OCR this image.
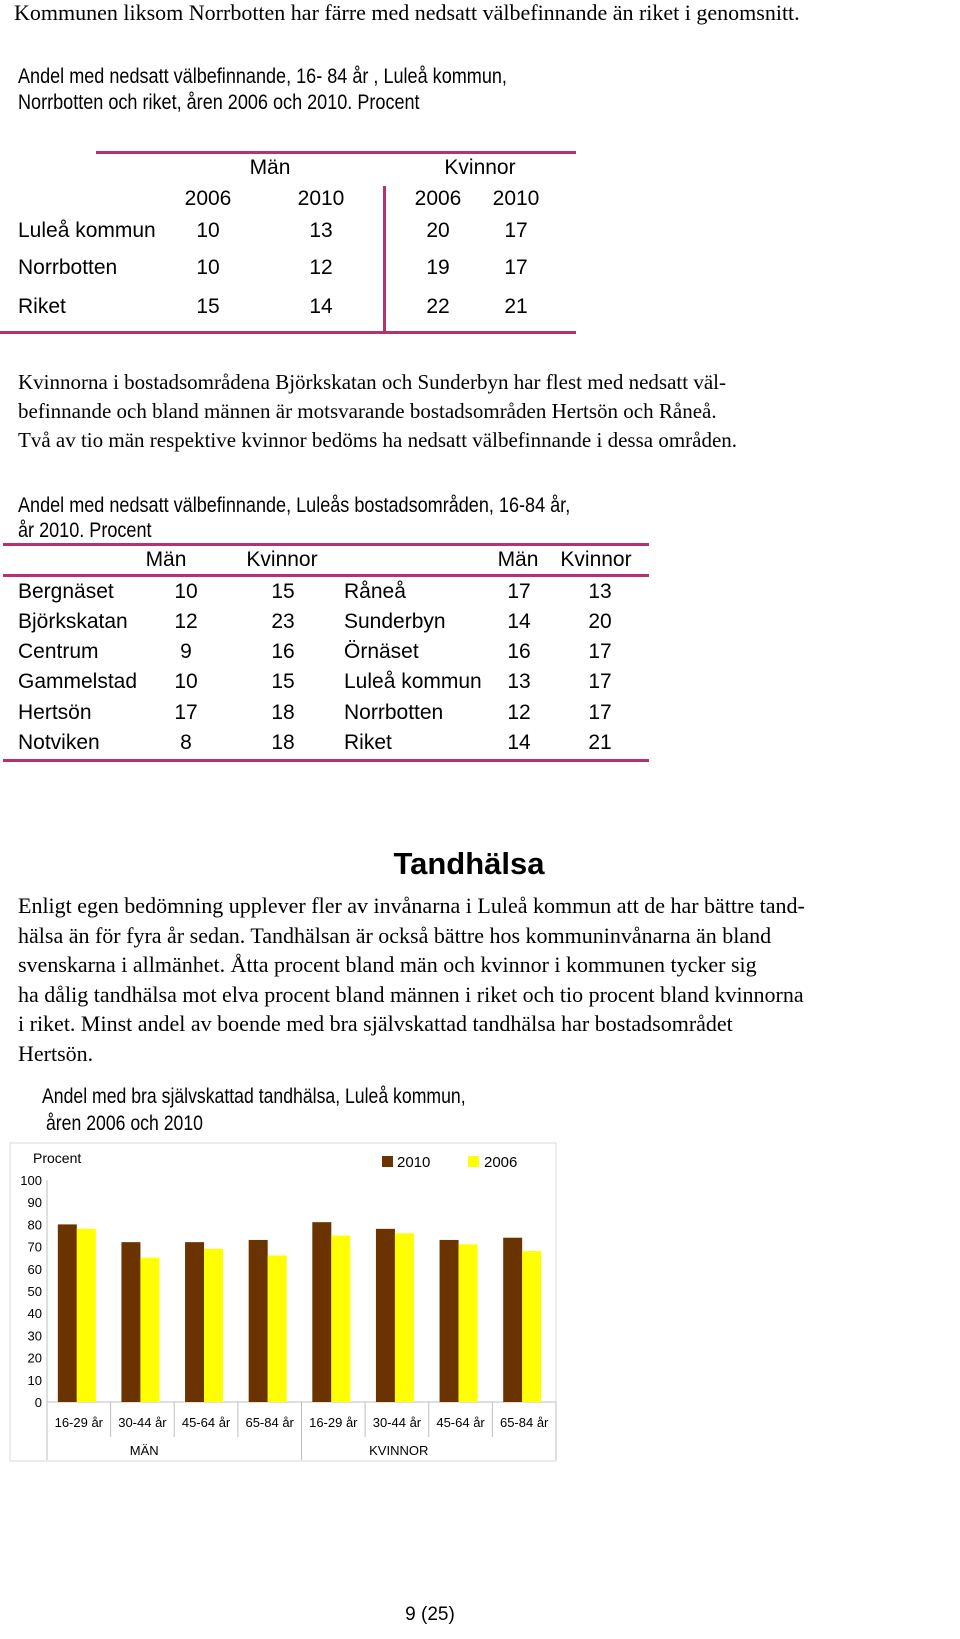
Kommunen liksom Norrbotten har färre med nedsatt välbefinnande än riket i genomsnitt.
Andel med nedsatt välbefinnande, 16- 84 år , Luleå kommun,
Norrbotten och riket, åren 2006 och 2010. Procent
Män	Kvinnor
2006	2010	2006	2010
Luleå kommun	10	13	20	17
Norrbotten	10	12	19	17
Riket	15	14	22	21
Kvinnorna i bostadsområdena Björkskatan och Sunderbyn har flest med nedsatt väl-
befinnande och bland männen är motsvarande bostadsområden Hertsön och Råneå.
Två av tio män respektive kvinnor bedöms ha nedsatt välbefinnande i dessa områden.
Andel med nedsatt välbefinnande, Luleås bostadsområden, 16-84 år,
år 2010. Procent
Män	Kvinnor	Män	Kvinnor
Bergnäset	10	15	Råneå	17	13
Björkskatan	12	23	Sunderbyn	14	20
Centrum	9	16	Örnäset	16	17
Gammelstad	10	15	Luleå kommun	13	17
Hertsön	17	18	Norrbotten	12	17
Notviken	8	18	Riket	14	21
Tandhälsa
Enligt egen bedömning upplever fler av invånarna i Luleå kommun att de har bättre tand-
hälsa än för fyra år sedan. Tandhälsan är också bättre hos kommuninvånarna än bland
svenskarna i allmänhet. Åtta procent bland män och kvinnor i kommunen tycker sig
ha dålig tandhälsa mot elva procent bland männen i riket och tio procent bland kvinnorna
i riket. Minst andel av boende med bra självskattad tandhälsa har bostadsområdet
Hertsön.
Andel med bra självskattad tandhälsa, Luleå kommun,
åren 2006 och 2010
0
10
20
30
40
50
60
70
80
90
100
16-29 år 30-44 år 45-64 år 65-84 år 16-29 år 30-44 år 45-64 år 65-84 år
MÄN	KVINNOR
Procent	2010	2006
9 (25)
